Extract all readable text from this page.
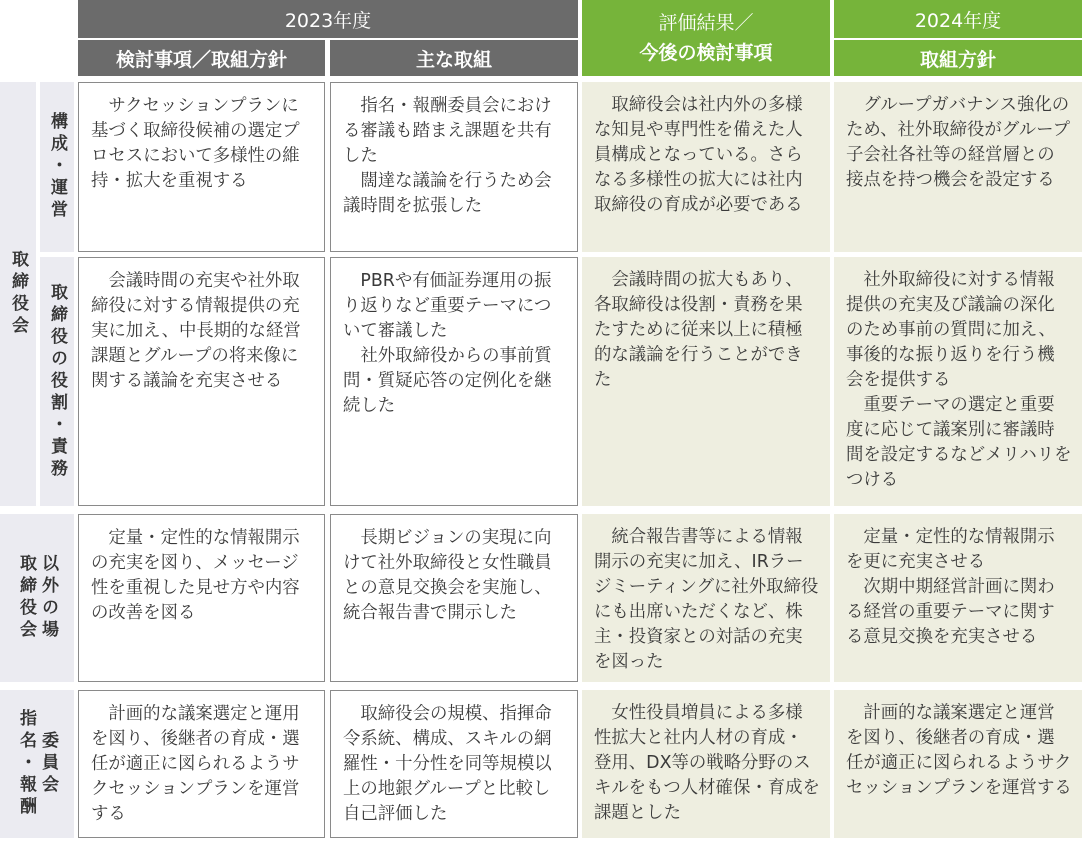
2023年度
検討事項／取組方針	主な取組
評価結果／
今後の検討事項
2024年度
取組方針
取締役会
構成・運営
取締役の役割・責務
取締役会 以外の場
指名・報酬 委員会
サクセッションプランに基づく取締役候補の選定プロセスにおいて多様性の維持・拡大を重視する
指名・報酬委員会における審議も踏まえ課題を共有した
闊達な議論を行うため会議時間を拡張した
取締役会は社内外の多様な知見や専門性を備えた人員構成となっている。さらなる多様性の拡大には社内取締役の育成が必要である
グループガバナンス強化のため、社外取締役がグループ子会社各社等の経営層との接点を持つ機会を設定する
会議時間の充実や社外取締役に対する情報提供の充実に加え、中長期的な経営課題とグループの将来像に関する議論を充実させる
PBRや有価証券運用の振り返りなど重要テーマについて審議した
社外取締役からの事前質問・質疑応答の定例化を継続した
会議時間の拡大もあり、各取締役は役割・責務を果たすために従来以上に積極的な議論を行うことができた
社外取締役に対する情報提供の充実及び議論の深化のため事前の質問に加え、事後的な振り返りを行う機会を提供する
重要テーマの選定と重要度に応じて議案別に審議時間を設定するなどメリハリをつける
定量・定性的な情報開示の充実を図り、メッセージ性を重視した見せ方や内容の改善を図る
長期ビジョンの実現に向けて社外取締役と女性職員との意見交換会を実施し、統合報告書で開示した
統合報告書等による情報開示の充実に加え、IRラージミーティングに社外取締役にも出席いただくなど、株主・投資家との対話の充実を図った
定量・定性的な情報開示を更に充実させる
次期中期経営計画に関わる経営の重要テーマに関する意見交換を充実させる
計画的な議案選定と運用を図り、後継者の育成・選任が適正に図られるようサクセッションプランを運営する
取締役会の規模、指揮命令系統、構成、スキルの網羅性・十分性を同等規模以上の地銀グループと比較し自己評価した
女性役員増員による多様性拡大と社内人材の育成・登用、DX等の戦略分野のスキルをもつ人材確保・育成を課題とした
計画的な議案選定と運営を図り、後継者の育成・選任が適正に図られるようサクセッションプランを運営する
